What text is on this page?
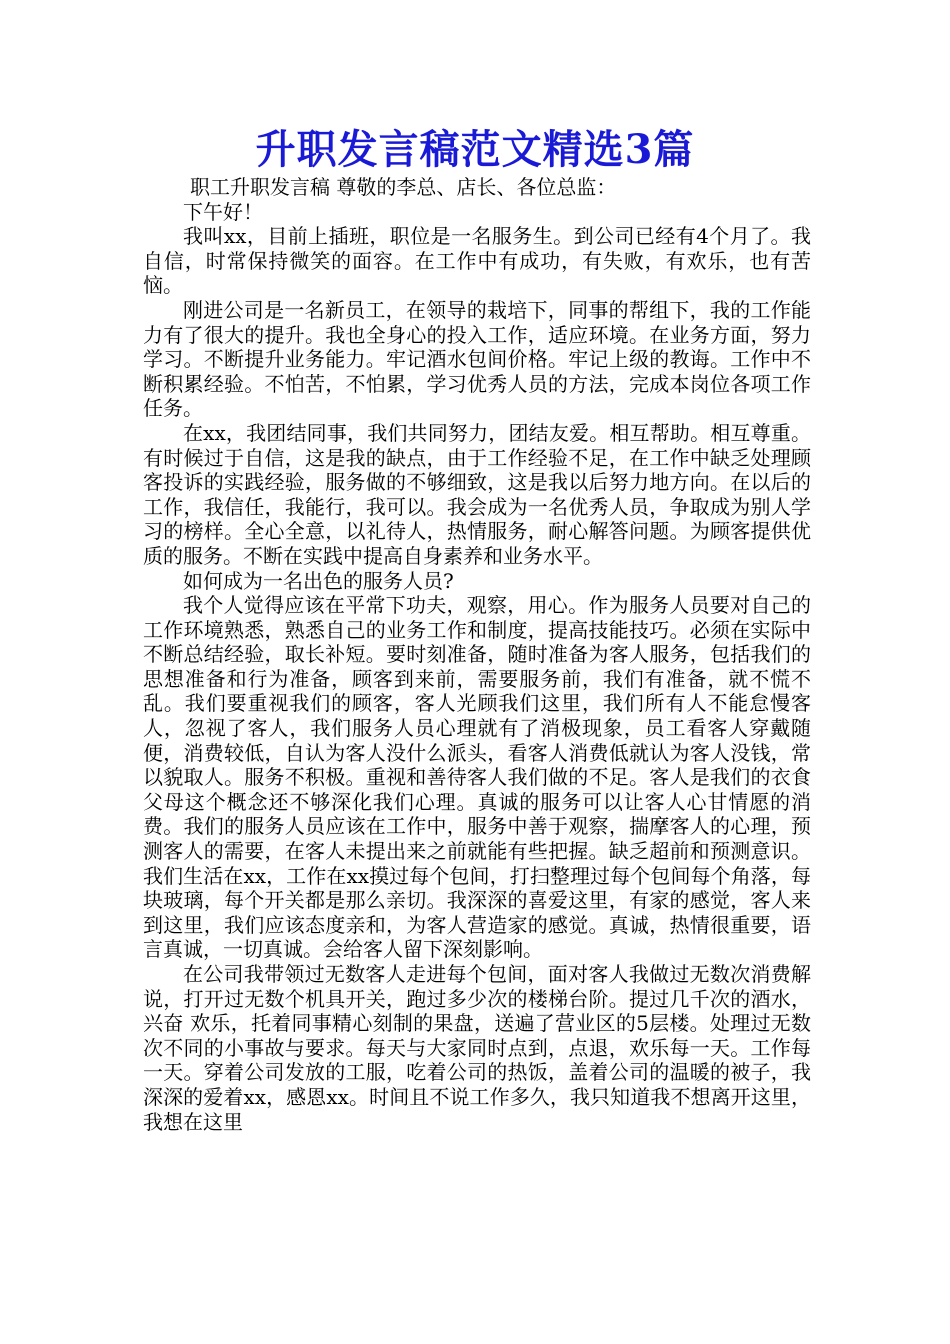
升职发言稿范文精选3篇

职工升职发言稿 尊敬的李总、店长、各位总监：

下午好！

我叫xx，目前上插班，职位是一名服务生。到公司已经有4个月了。我自信，时常保持微笑的面容。在工作中有成功，有失败，有欢乐，也有苦恼。

刚进公司是一名新员工，在领导的栽培下，同事的帮组下，我的工作能力有了很大的提升。我也全身心的投入工作，适应环境。在业务方面，努力学习。不断提升业务能力。牢记酒水包间价格。牢记上级的教诲。工作中不断积累经验。不怕苦，不怕累，学习优秀人员的方法，完成本岗位各项工作任务。

在xx，我团结同事，我们共同努力，团结友爱。相互帮助。相互尊重。有时候过于自信，这是我的缺点，由于工作经验不足，在工作中缺乏处理顾客投诉的实践经验，服务做的不够细致，这是我以后努力地方向。在以后的工作，我信任，我能行，我可以。我会成为一名优秀人员，争取成为别人学习的榜样。全心全意，以礼待人，热情服务，耐心解答问题。为顾客提供优质的服务。不断在实践中提高自身素养和业务水平。

如何成为一名出色的服务人员?

我个人觉得应该在平常下功夫，观察，用心。作为服务人员要对自己的工作环境熟悉，熟悉自己的业务工作和制度，提高技能技巧。必须在实际中不断总结经验，取长补短。要时刻准备，随时准备为客人服务，包括我们的思想准备和行为准备，顾客到来前，需要服务前，我们有准备，就不慌不乱。我们要重视我们的顾客，客人光顾我们这里，我们所有人不能怠慢客人，忽视了客人，我们服务人员心理就有了消极现象，员工看客人穿戴随便，消费较低，自认为客人没什么派头，看客人消费低就认为客人没钱，常以貌取人。服务不积极。重视和善待客人我们做的不足。客人是我们的衣食父母这个概念还不够深化我们心理。真诚的服务可以让客人心甘情愿的消费。我们的服务人员应该在工作中，服务中善于观察，揣摩客人的心理，预测客人的需要，在客人未提出来之前就能有些把握。缺乏超前和预测意识。我们生活在xx，工作在xx摸过每个包间，打扫整理过每个包间每个角落，每块玻璃，每个开关都是那么亲切。我深深的喜爱这里，有家的感觉，客人来到这里，我们应该态度亲和，为客人营造家的感觉。真诚，热情很重要，语言真诚，一切真诚。会给客人留下深刻影响。

在公司我带领过无数客人走进每个包间，面对客人我做过无数次消费解说，打开过无数个机具开关，跑过多少次的楼梯台阶。提过几千次的酒水，兴奋 欢乐，托着同事精心刻制的果盘，送遍了营业区的5层楼。处理过无数次不同的小事故与要求。每天与大家同时点到，点退，欢乐每一天。工作每一天。穿着公司发放的工服，吃着公司的热饭，盖着公司的温暖的被子，我深深的爱着xx，感恩xx。时间且不说工作多久，我只知道我不想离开这里，我想在这里
